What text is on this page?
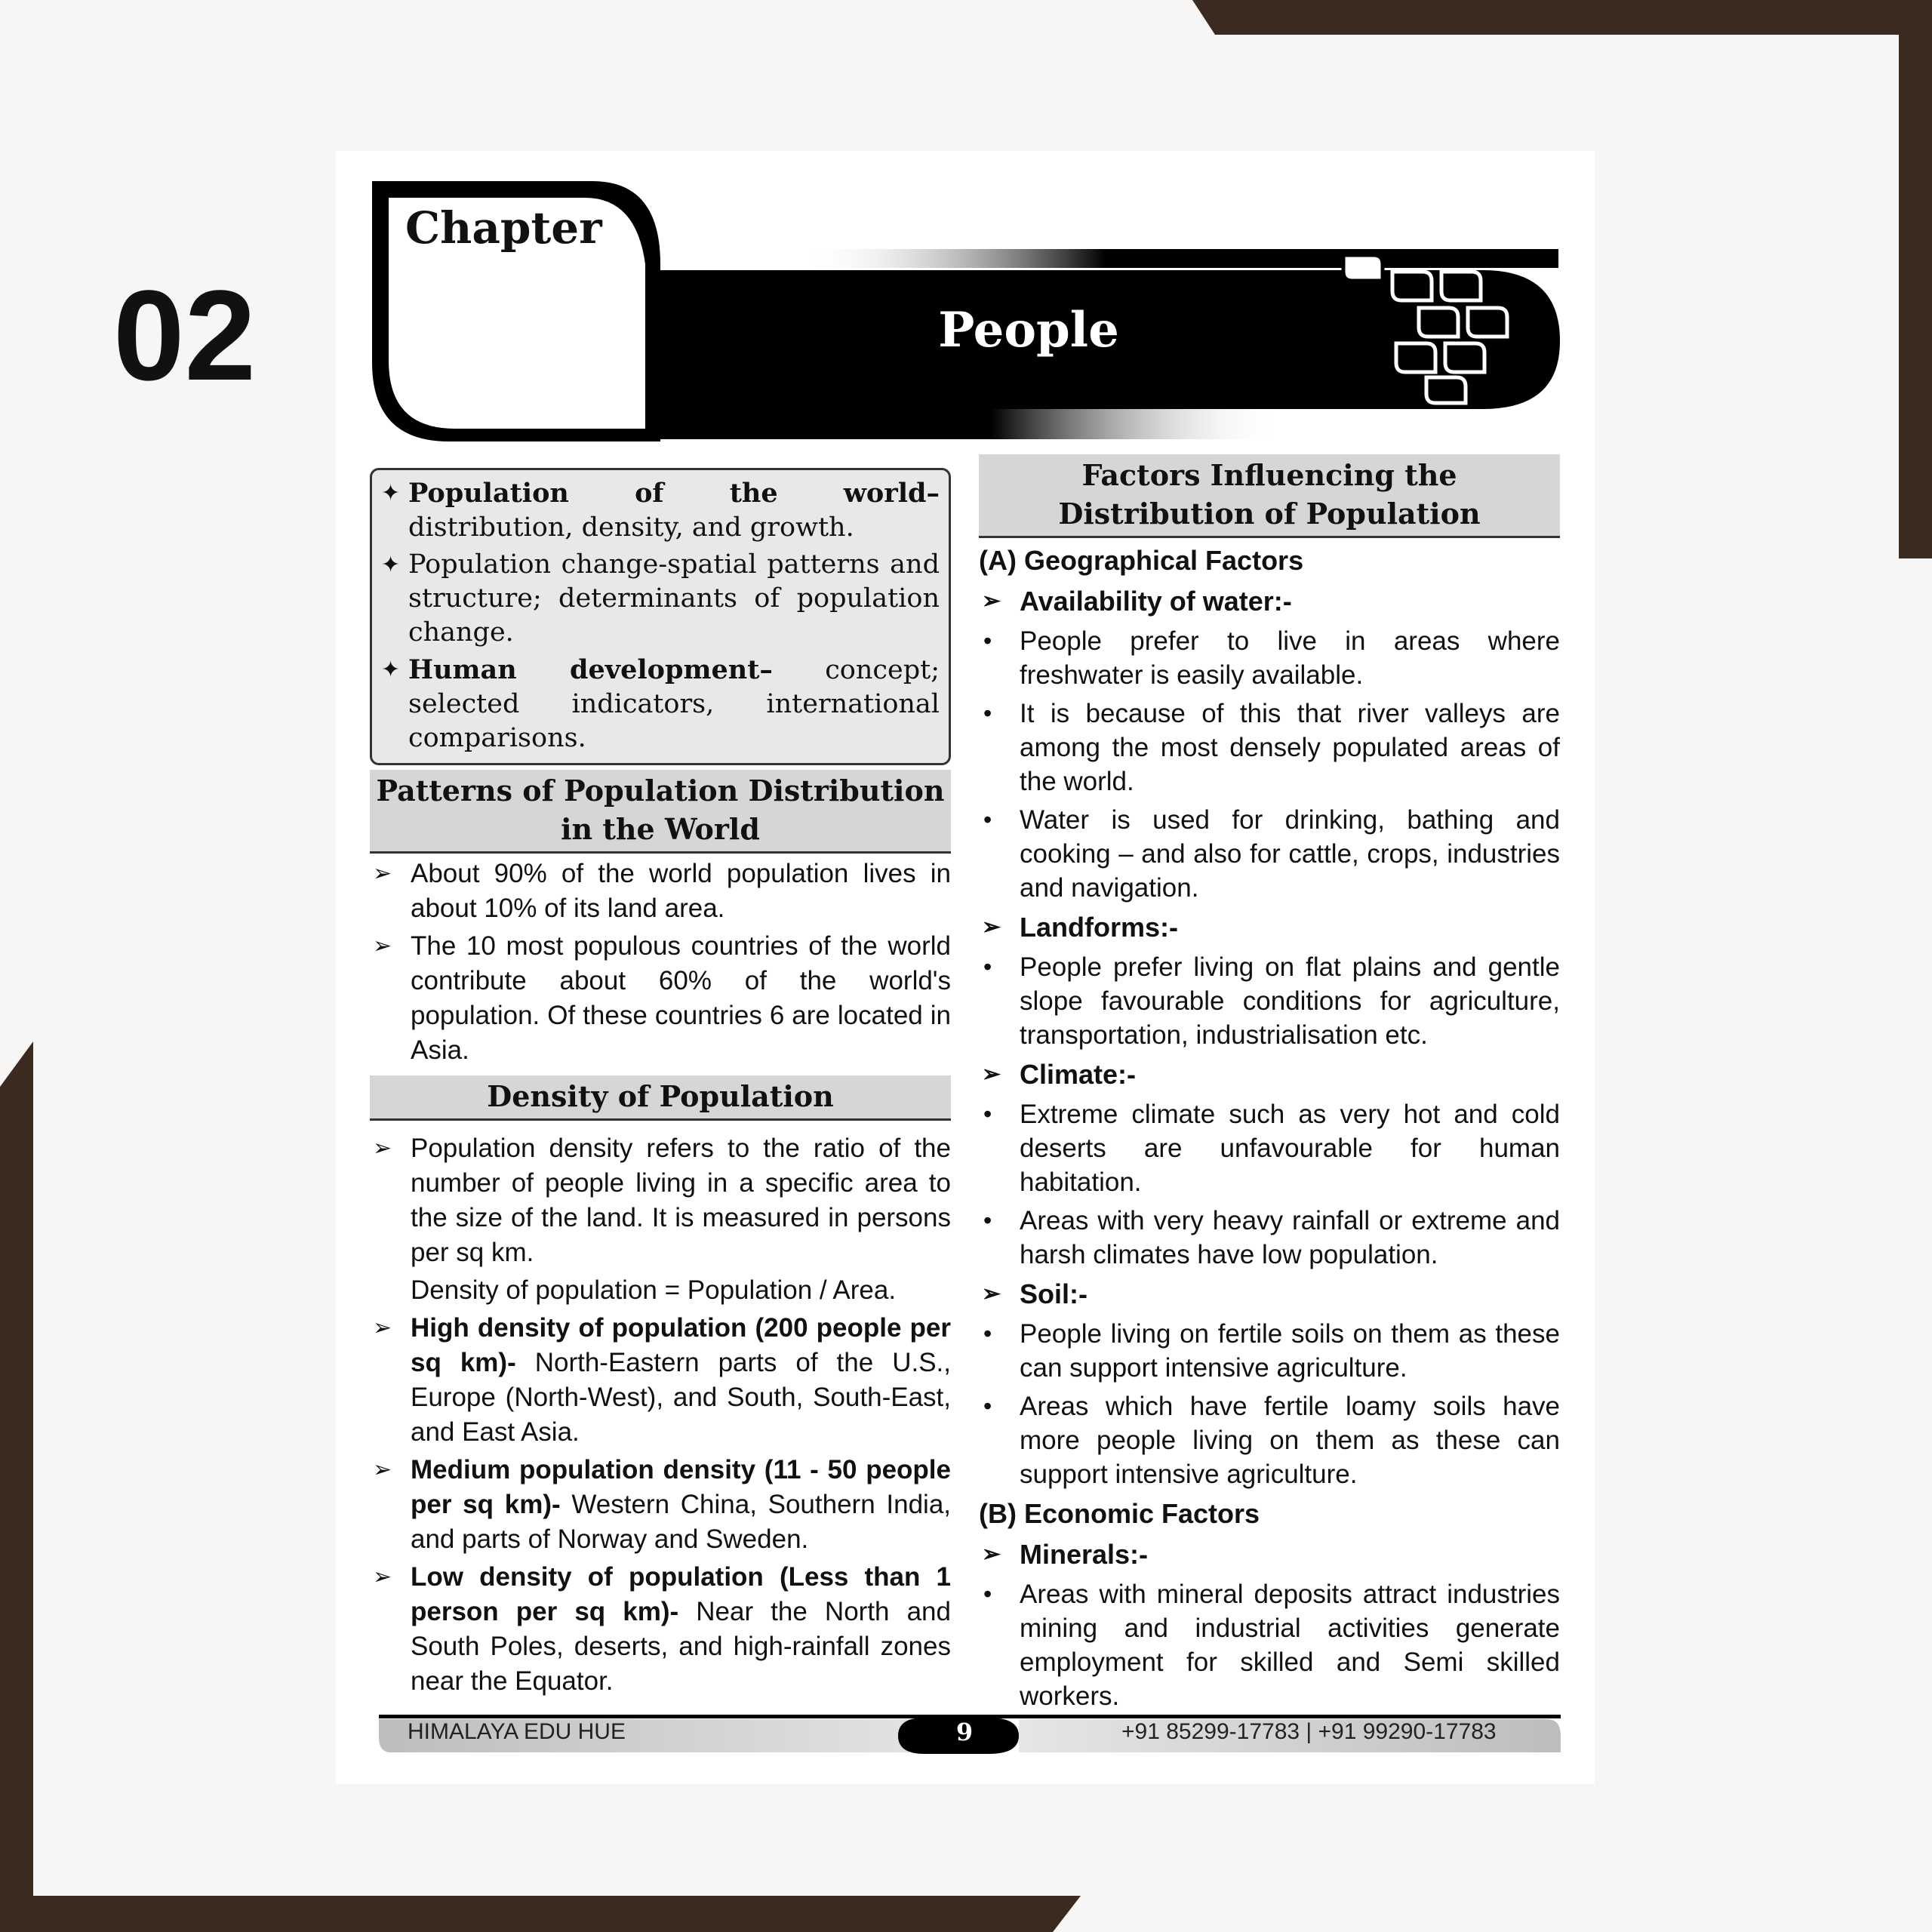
Chapter
02	People
✦ Population of the world– distribution, density, and growth.
✦ Population change-spatial patterns and structure; determinants of population change.
✦ Human development– concept; selected indicators, international comparisons.
Patterns of Population Distribution in the World
➢ About 90% of the world population lives in about 10% of its land area.
➢ The 10 most populous countries of the world contribute about 60% of the world's population. Of these countries 6 are located in Asia.
Density of Population
➢ Population density refers to the ratio of the number of people living in a specific area to the size of the land. It is measured in persons per sq km.
Density of population = Population / Area.
➢ High density of population (200 people per sq km)- North-Eastern parts of the U.S., Europe (North-West), and South, South-East, and East Asia.
➢ Medium population density (11 - 50 people per sq km)- Western China, Southern India, and parts of Norway and Sweden.
➢ Low density of population (Less than 1 person per sq km)- Near the North and South Poles, deserts, and high-rainfall zones near the Equator.
Factors Influencing the Distribution of Population
(A) Geographical Factors
➢ Availability of water:-
• People prefer to live in areas where freshwater is easily available.
• It is because of this that river valleys are among the most densely populated areas of the world.
• Water is used for drinking, bathing and cooking – and also for cattle, crops, industries and navigation.
➢ Landforms:-
• People prefer living on flat plains and gentle slope favourable conditions for agriculture, transportation, industrialisation etc.
➢ Climate:-
• Extreme climate such as very hot and cold deserts are unfavourable for human habitation.
• Areas with very heavy rainfall or extreme and harsh climates have low population.
➢ Soil:-
• People living on fertile soils on them as these can support intensive agriculture.
• Areas which have fertile loamy soils have more people living on them as these can support intensive agriculture.
(B) Economic Factors
➢ Minerals:-
• Areas with mineral deposits attract industries mining and industrial activities generate employment for skilled and Semi skilled workers.
HIMALAYA EDU HUE	9	+91 85299-17783 | +91 99290-17783
